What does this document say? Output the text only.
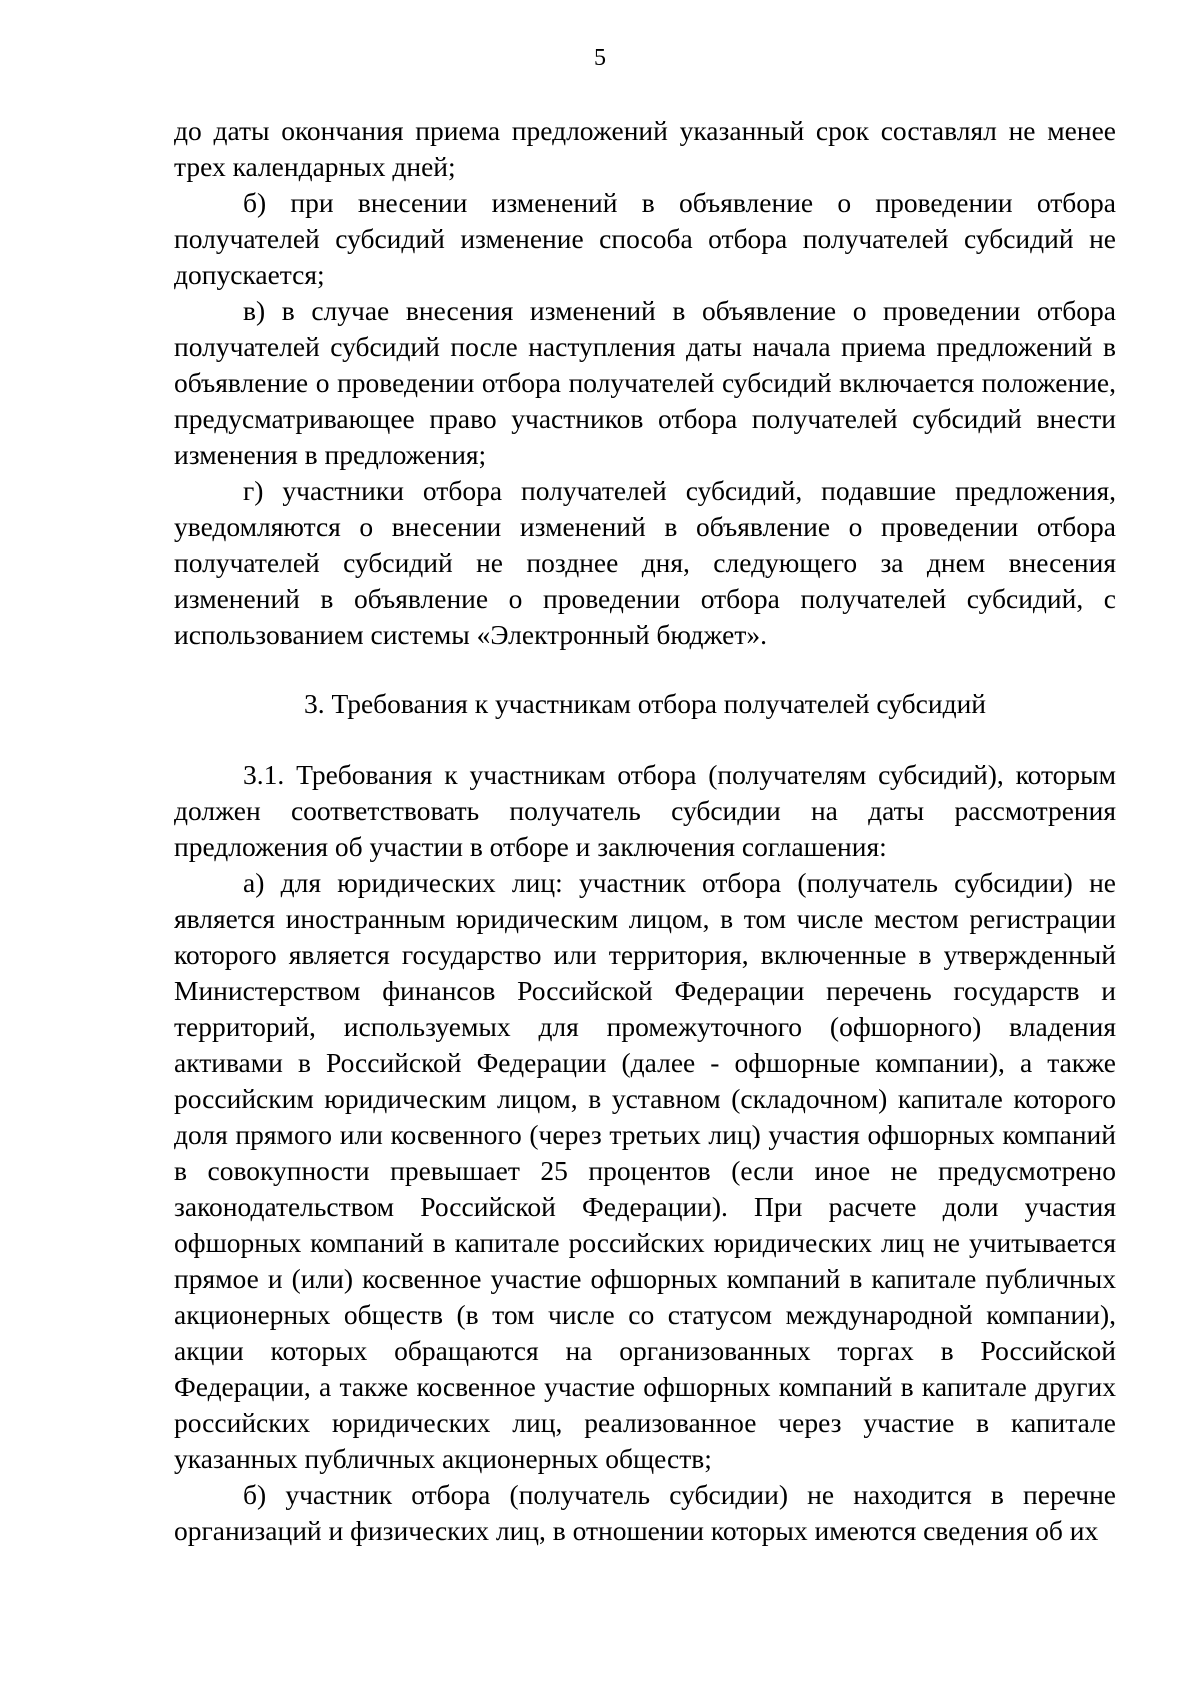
5

до даты окончания приема предложений указанный срок составлял не менее трех календарных дней;

б) при внесении изменений в объявление о проведении отбора получателей субсидий изменение способа отбора получателей субсидий не допускается;

в) в случае внесения изменений в объявление о проведении отбора получателей субсидий после наступления даты начала приема предложений в объявление о проведении отбора получателей субсидий включается положение, предусматривающее право участников отбора получателей субсидий внести изменения в предложения;

г) участники отбора получателей субсидий, подавшие предложения, уведомляются о внесении изменений в объявление о проведении отбора получателей субсидий не позднее дня, следующего за днем внесения изменений в объявление о проведении отбора получателей субсидий, с использованием системы «Электронный бюджет».

3. Требования к участникам отбора получателей субсидий

3.1. Требования к участникам отбора (получателям субсидий), которым должен соответствовать получатель субсидии на даты рассмотрения предложения об участии в отборе и заключения соглашения:

а) для юридических лиц: участник отбора (получатель субсидии) не является иностранным юридическим лицом, в том числе местом регистрации которого является государство или территория, включенные в утвержденный Министерством финансов Российской Федерации перечень государств и территорий, используемых для промежуточного (офшорного) владения активами в Российской Федерации (далее - офшорные компании), а также российским юридическим лицом, в уставном (складочном) капитале которого доля прямого или косвенного (через третьих лиц) участия офшорных компаний в совокупности превышает 25 процентов (если иное не предусмотрено законодательством Российской Федерации). При расчете доли участия офшорных компаний в капитале российских юридических лиц не учитывается прямое и (или) косвенное участие офшорных компаний в капитале публичных акционерных обществ (в том числе со статусом международной компании), акции которых обращаются на организованных торгах в Российской Федерации, а также косвенное участие офшорных компаний в капитале других российских юридических лиц, реализованное через участие в капитале указанных публичных акционерных обществ;

б) участник отбора (получатель субсидии) не находится в перечне организаций и физических лиц, в отношении которых имеются сведения об их
